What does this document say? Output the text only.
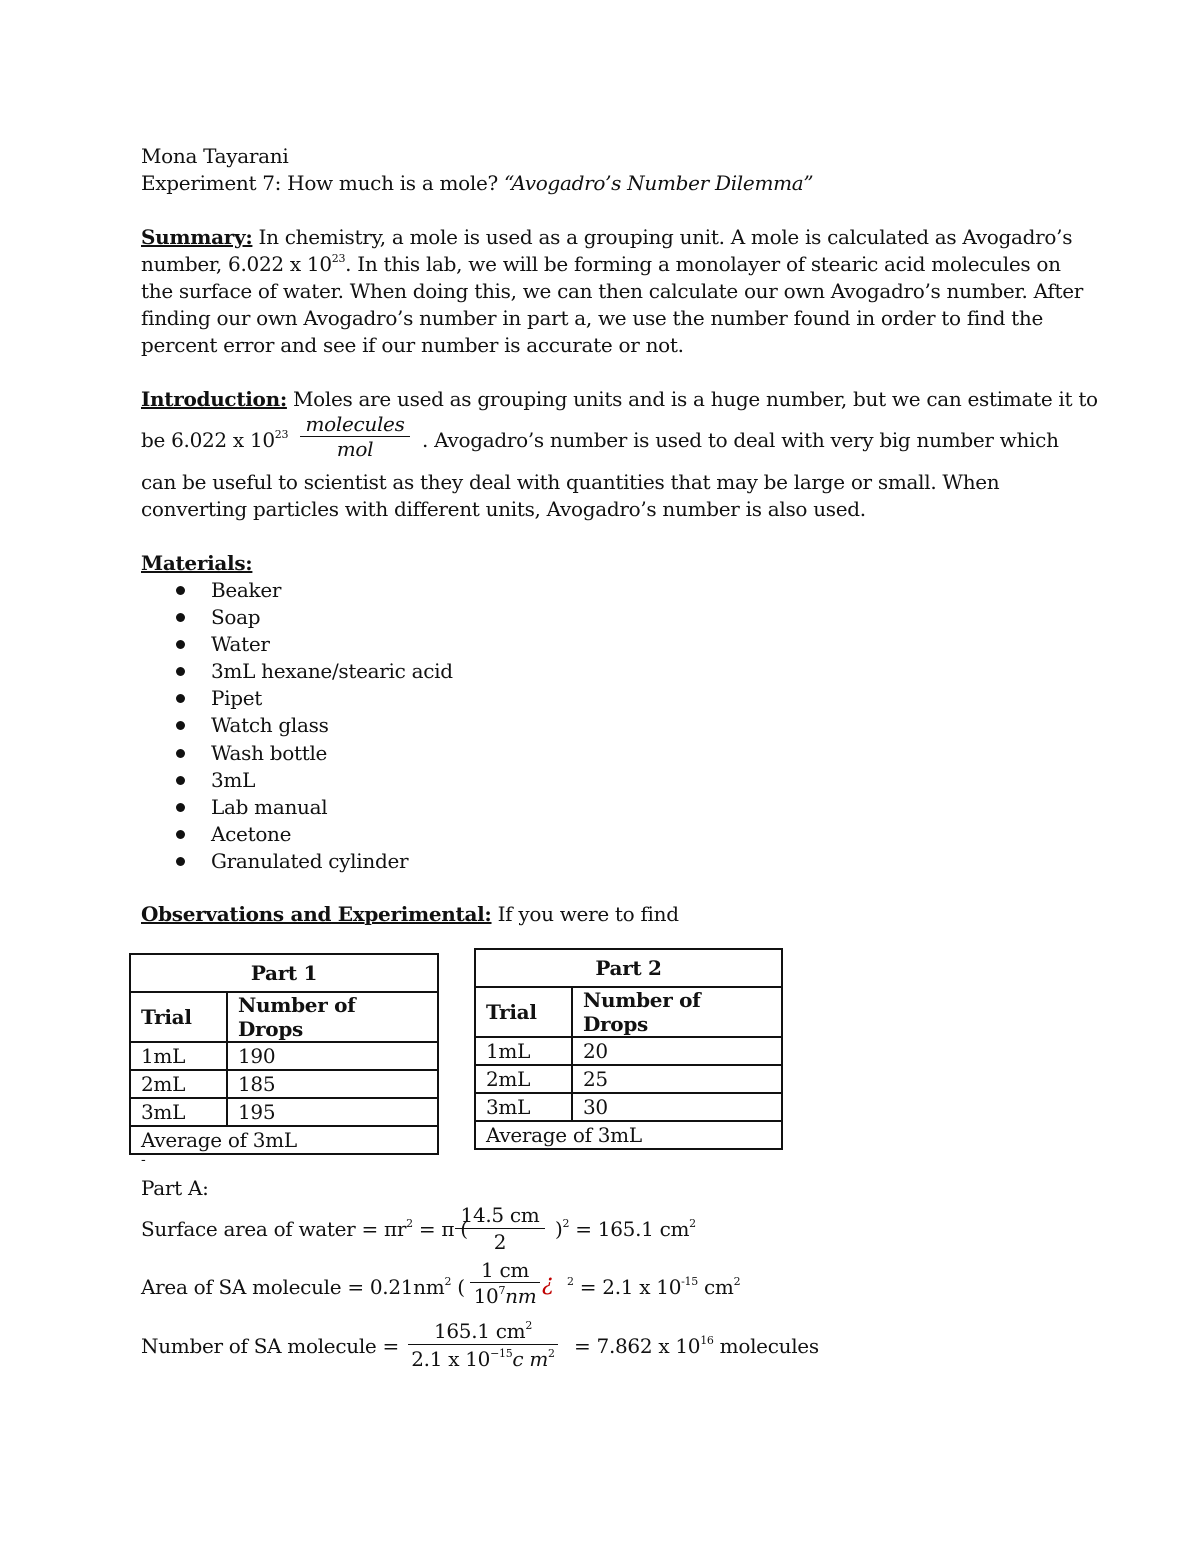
Mona Tayarani
Experiment 7: How much is a mole? “Avogadro’s Number Dilemma”
Summary: In chemistry, a mole is used as a grouping unit. A mole is calculated as Avogadro’s
number, 6.022 x $10^{23}$. In this lab, we will be forming a monolayer of stearic acid molecules on
the surface of water. When doing this, we can then calculate our own Avogadro’s number. After
finding our own Avogadro’s number in part a, we use the number found in order to find the
percent error and see if our number is accurate or not.
Introduction: Moles are used as grouping units and is a huge number, but we can estimate it to
be 6.022 x $10^{23}$ molecules
mol	. Avogadro’s number is used to deal with very big number which
can be useful to scientist as they deal with quantities that may be large or small. When
converting particles with different units, Avogadro’s number is also used.
Materials:
Beaker
Soap
Water
3mL hexane/stearic acid
Pipet
Watch glass
Wash bottle
3mL
Lab manual
Acetone
Granulated cylinder
Observations and Experimental: If you were to find
Part 1	
Trial	Number of Drops
1mL	190
2mL	185
3mL	195
Average of 3mL	
Part 2	
Trial	Number of Drops
1mL	20
2mL	25
3mL	30
Average of 3mL	
-
Part A:
Surface area of water = $\pi r^2 = \pi$ (
$\frac{14.5 cm}{2} )^2 = 165.1$ $cm^2$
Area of SA molecule = $0.21nm^2$ ( $\frac{1 cm}{10^7nm}$ ¿ $^2$ = 2.1 x $10^{-15}$ $cm^2$
Number of SA molecule = $\frac{165.1 cm^2}{2.1 x 10^{-15}c m^2} = 7.862$ x $10^{16}$ molecules
